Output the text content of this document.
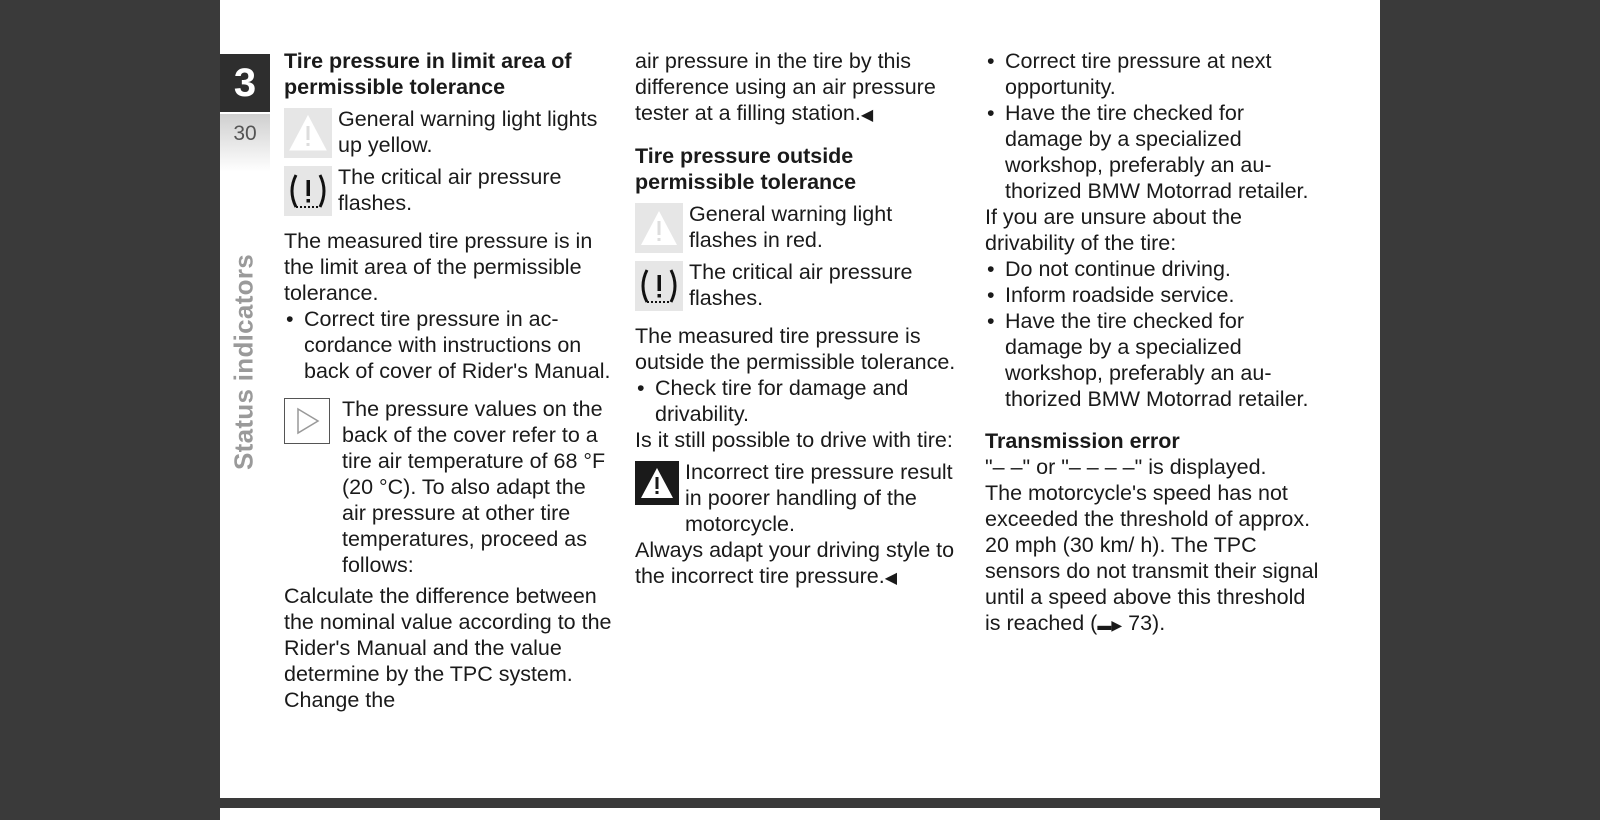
3
30
Status indicators

Tire pressure in limit area of permissible tolerance

General warning light lights up yellow.

The critical air pressure flashes.

The measured tire pressure is in the limit area of the permissible tolerance.

• Correct tire pressure in accordance with instructions on back of cover of Rider's Manual.

The pressure values on the back of the cover refer to a tire air temperature of 68 °F (20 °C). To also adapt the air pressure at other tire temperatures, proceed as follows:

Calculate the difference between the nominal value according to the Rider's Manual and the value determine by the TPC system. Change the

air pressure in the tire by this difference using an air pressure tester at a filling station.◀

Tire pressure outside permissible tolerance

General warning light flashes in red.

The critical air pressure flashes.

The measured tire pressure is outside the permissible tolerance.

• Check tire for damage and drivability.

Is it still possible to drive with tire:

Incorrect tire pressure result in poorer handling of the motorcycle.

Always adapt your driving style to the incorrect tire pressure.◀

• Correct tire pressure at next opportunity.

• Have the tire checked for damage by a specialized workshop, preferably an authorized BMW Motorrad retailer.

If you are unsure about the drivability of the tire:

• Do not continue driving.

• Inform roadside service.

• Have the tire checked for damage by a specialized workshop, preferably an authorized BMW Motorrad retailer.

Transmission error

"– –" or "– – – –" is displayed.

The motorcycle's speed has not exceeded the threshold of approx. 20 mph (30 km/ h). The TPC sensors do not transmit their signal until a speed above this threshold is reached (▬▶ 73).
